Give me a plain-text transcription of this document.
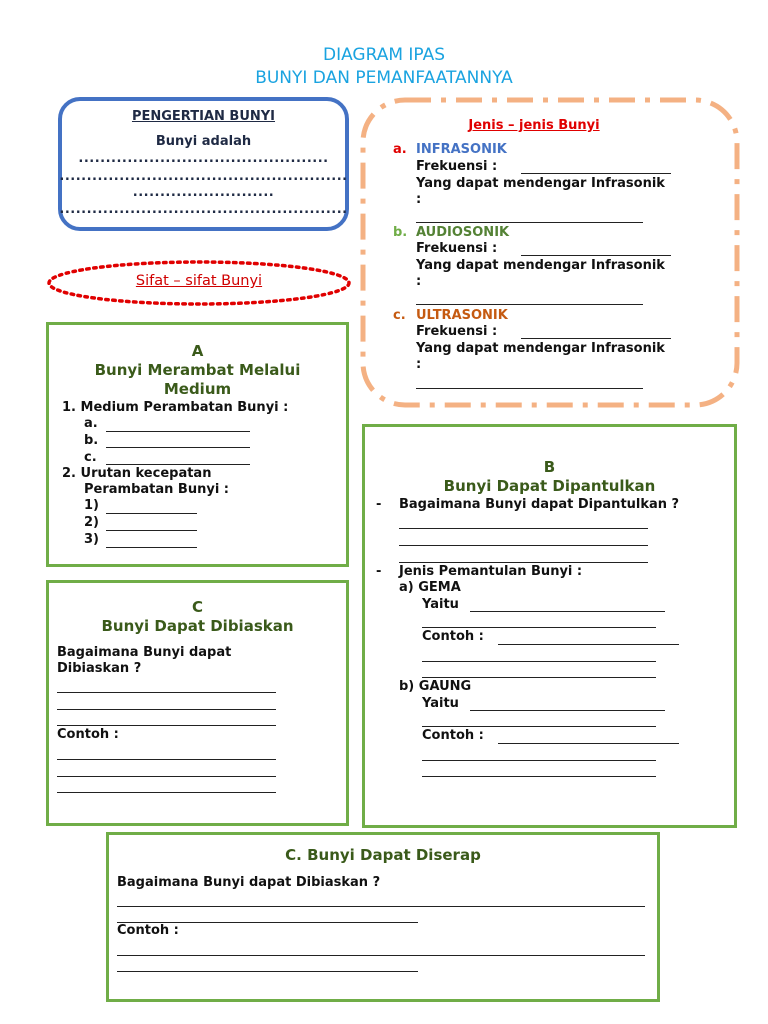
DIAGRAM IPAS
BUNYI DAN PEMANFAATANNYA
PENGERTIAN BUNYI
Bunyi adalah
..............................................
.....................................................
..........................
.....................................................
Sifat – sifat Bunyi
Jenis – jenis Bunyi
a. INFRASONIK
Frekuensi :
Yang dapat mendengar Infrasonik
:
b. AUDIOSONIK
Frekuensi :
Yang dapat mendengar Infrasonik
:
c. ULTRASONIK
Frekuensi :
Yang dapat mendengar Infrasonik
:
A
Bunyi Merambat Melalui
Medium
1. Medium Perambatan Bunyi :
a.
b.
c.
2. Urutan kecepatan
Perambatan Bunyi :
1)
2)
3)
B
Bunyi Dapat Dipantulkan
- Bagaimana Bunyi dapat Dipantulkan ?
- Jenis Pemantulan Bunyi :
a) GEMA
Yaitu
Contoh :
b) GAUNG
Yaitu
Contoh :
C
Bunyi Dapat Dibiaskan
Bagaimana Bunyi dapat
Dibiaskan ?
Contoh :
C. Bunyi Dapat Diserap
Bagaimana Bunyi dapat Dibiaskan ?
Contoh :
